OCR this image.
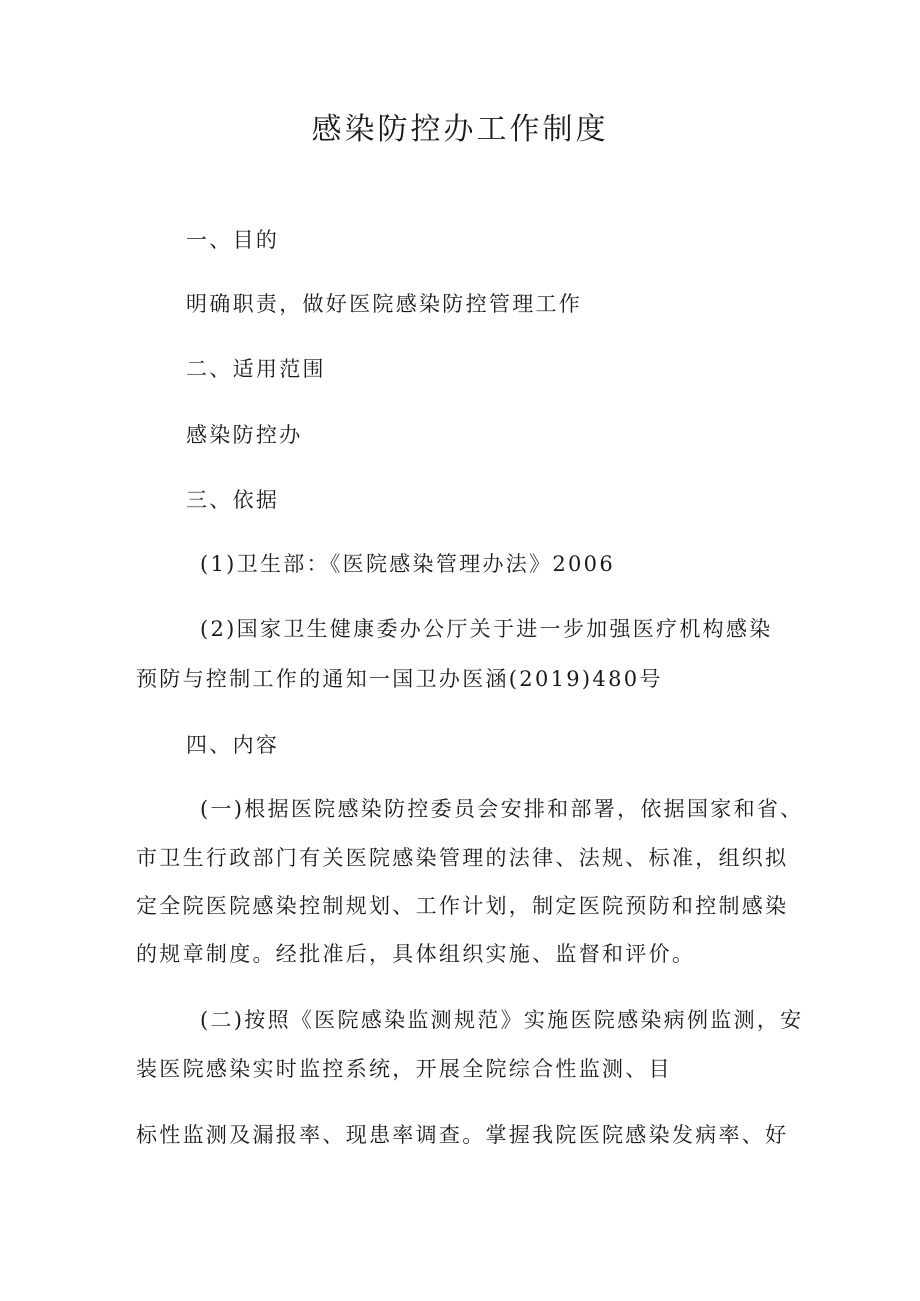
感染防控办工作制度
一、目的
明确职责，做好医院感染防控管理工作
二、适用范围
感染防控办
三、依据
(1)卫生部：《医院感染管理办法》2006
(2)国家卫生健康委办公厅关于进一步加强医疗机构感染
预防与控制工作的通知一国卫办医涵(2019)480号
四、内容
(一)根据医院感染防控委员会安排和部署，依据国家和省、
市卫生行政部门有关医院感染管理的法律、法规、标准，组织拟
定全院医院感染控制规划、工作计划，制定医院预防和控制感染
的规章制度。经批准后，具体组织实施、监督和评价。
(二)按照《医院感染监测规范》实施医院感染病例监测，安
装医院感染实时监控系统，开展全院综合性监测、目
标性监测及漏报率、现患率调查。掌握我院医院感染发病率、好
